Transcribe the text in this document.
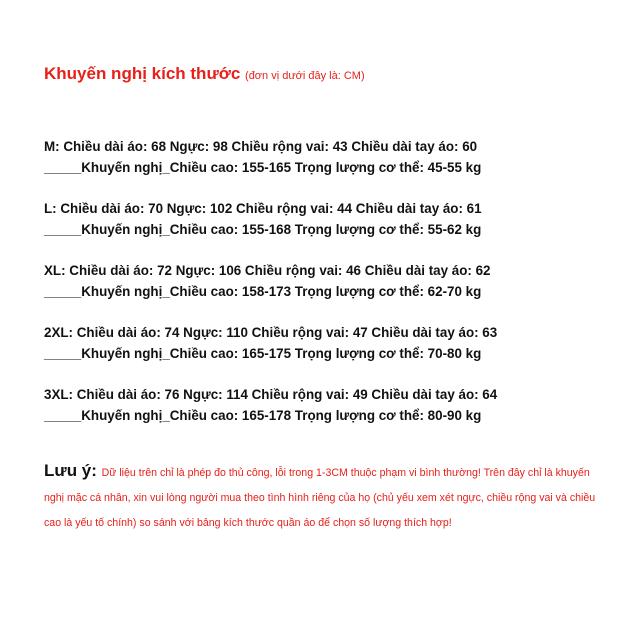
Khuyến nghị kích thước (đơn vị dưới đây là: CM)

M: Chiều dài áo: 68 Ngực: 98 Chiều rộng vai: 43 Chiều dài tay áo: 60

_____Khuyến nghị_Chiều cao: 155-165 Trọng lượng cơ thể: 45-55 kg

L: Chiều dài áo: 70 Ngực: 102 Chiều rộng vai: 44 Chiều dài tay áo: 61

_____Khuyến nghị_Chiều cao: 155-168 Trọng lượng cơ thể: 55-62 kg

XL: Chiều dài áo: 72 Ngực: 106 Chiều rộng vai: 46 Chiều dài tay áo: 62

_____Khuyến nghị_Chiều cao: 158-173 Trọng lượng cơ thể: 62-70 kg

2XL: Chiều dài áo: 74 Ngực: 110 Chiều rộng vai: 47 Chiều dài tay áo: 63

_____Khuyến nghị_Chiều cao: 165-175 Trọng lượng cơ thể: 70-80 kg

3XL: Chiều dài áo: 76 Ngực: 114 Chiều rộng vai: 49 Chiều dài tay áo: 64

_____Khuyến nghị_Chiều cao: 165-178 Trọng lượng cơ thể: 80-90 kg

Lưu ý: Dữ liệu trên chỉ là phép đo thủ công, lỗi trong 1-3CM thuộc phạm vi bình thường! Trên đây chỉ là khuyến nghị mặc cá nhân, xin vui lòng người mua theo tình hình riêng của họ (chủ yếu xem xét ngực, chiều rộng vai và chiều cao là yếu tố chính) so sánh với bảng kích thước quần áo để chọn số lượng thích hợp!
